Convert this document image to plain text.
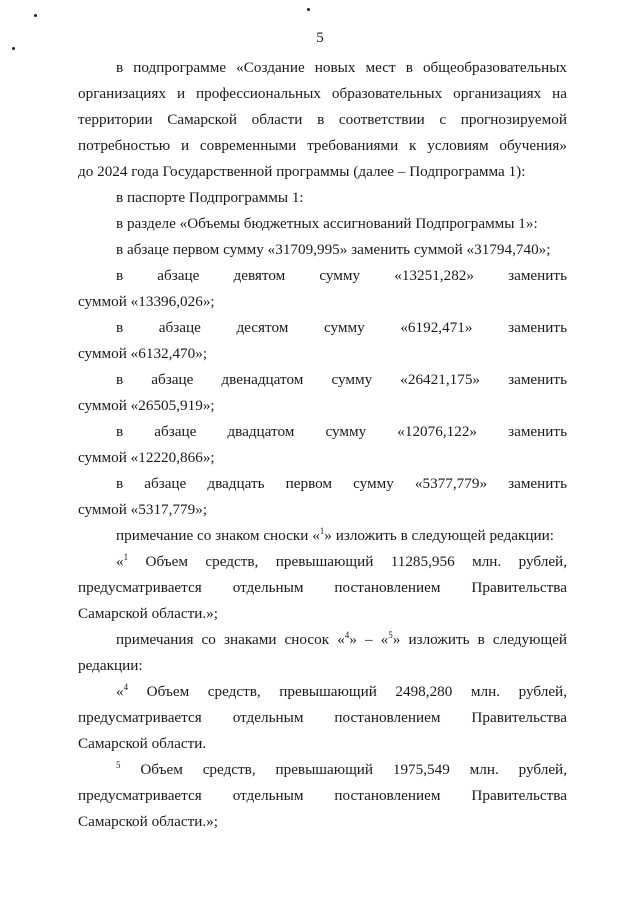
5
в подпрограмме «Создание новых мест в общеобразовательных
организациях и профессиональных образовательных организациях на
территории Самарской области в соответствии с прогнозируемой
потребностью и современными требованиями к условиям обучения»
до 2024 года Государственной программы (далее – Подпрограмма 1):
в паспорте Подпрограммы 1:
в разделе «Объемы бюджетных ассигнований Подпрограммы 1»:
в абзаце первом сумму «31709,995» заменить суммой «31794,740»;
в абзаце девятом сумму «13251,282» заменить
суммой «13396,026»;
в абзаце десятом сумму «6192,471» заменить
суммой «6132,470»;
в абзаце двенадцатом сумму «26421,175» заменить
суммой «26505,919»;
в абзаце двадцатом сумму «12076,122» заменить
суммой «12220,866»;
в абзаце двадцать первом сумму «5377,779» заменить
суммой «5317,779»;
примечание со знаком сноски «$^1$» изложить в следующей редакции:
«$^1$ Объем средств, превышающий 11285,956 млн. рублей,
предусматривается отдельным постановлением Правительства
Самарской области.»;
примечания со знаками сносок «$^4$» – «$^5$» изложить в следующей
редакции:
«$^4$ Объем средств, превышающий 2498,280 млн. рублей,
предусматривается отдельным постановлением Правительства
Самарской области.
$^5$ Объем средств, превышающий 1975,549 млн. рублей,
предусматривается отдельным постановлением Правительства
Самарской области.»;
